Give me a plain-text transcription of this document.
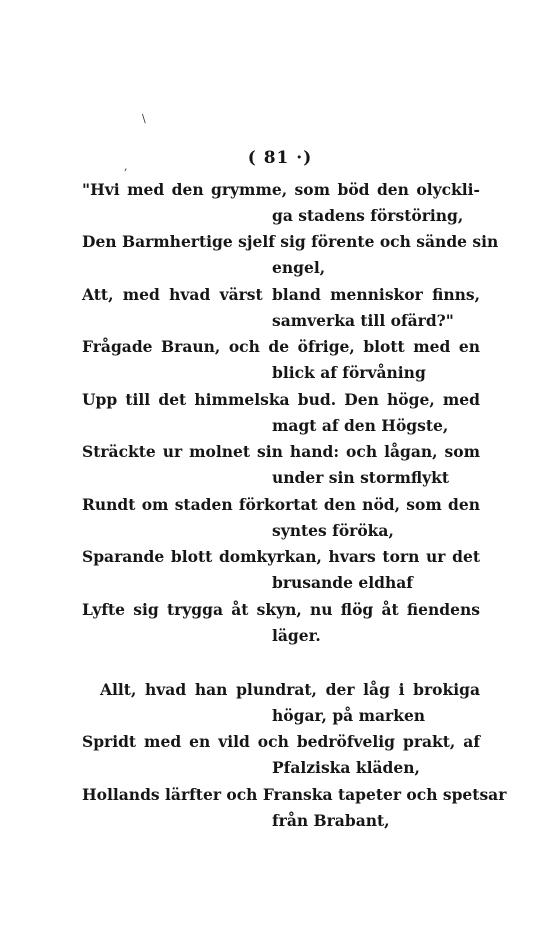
\
,	( 81 ·)
"Hvi med den grymme, som böd den olyckli-
ga stadens förstöring,
Den Barmhertige sjelf sig förente och sände sin
engel,
Att, med hvad värst bland menniskor finns,
samverka till ofärd?"
Frågade Braun, och de öfrige, blott med en
blick af förvåning
Upp till det himmelska bud. Den höge, med
magt af den Högste,
Sträckte ur molnet sin hand: och lågan, som
under sin stormflykt
Rundt om staden förkortat den nöd, som den
syntes föröka,
Sparande blott domkyrkan, hvars torn ur det
brusande eldhaf
Lyfte sig trygga åt skyn, nu flög åt fiendens
läger.
Allt, hvad han plundrat, der låg i brokiga
högar, på marken
Spridt med en vild och bedröfvelig prakt, af
Pfalziska kläden,
Hollands lärfter och Franska tapeter och spetsar
från Brabant,
